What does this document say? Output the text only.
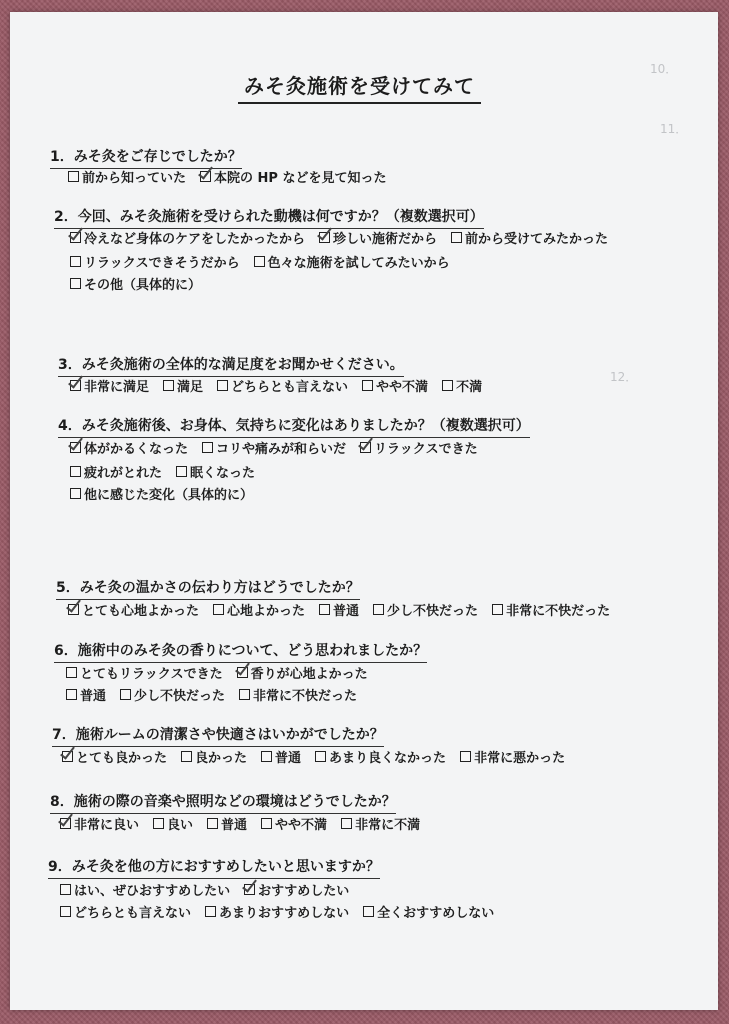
10．
11．
12．
みそ灸施術を受けてみて
1．みそ灸をご存じでしたか？
前から知っていた 本院の HP などを見て知った
2．今回、みそ灸施術を受けられた動機は何ですか？（複数選択可）
冷えなど身体のケアをしたかったから 珍しい施術だから 前から受けてみたかった
リラックスできそうだから 色々な施術を試してみたいから
その他（具体的に）
3．みそ灸施術の全体的な満足度をお聞かせください。
非常に満足 満足 どちらとも言えない やや不満 不満
4．みそ灸施術後、お身体、気持ちに変化はありましたか？（複数選択可）
体がかるくなった コリや痛みが和らいだ リラックスできた
疲れがとれた 眠くなった
他に感じた変化（具体的に）
5．みそ灸の温かさの伝わり方はどうでしたか？
とても心地よかった 心地よかった 普通 少し不快だった 非常に不快だった
6．施術中のみそ灸の香りについて、どう思われましたか？
とてもリラックスできた 香りが心地よかった
普通 少し不快だった 非常に不快だった
7．施術ルームの清潔さや快適さはいかがでしたか？
とても良かった 良かった 普通 あまり良くなかった 非常に悪かった
8．施術の際の音楽や照明などの環境はどうでしたか？
非常に良い 良い 普通 やや不満 非常に不満
9．みそ灸を他の方におすすめしたいと思いますか？
はい、ぜひおすすめしたい おすすめしたい
どちらとも言えない あまりおすすめしない 全くおすすめしない
